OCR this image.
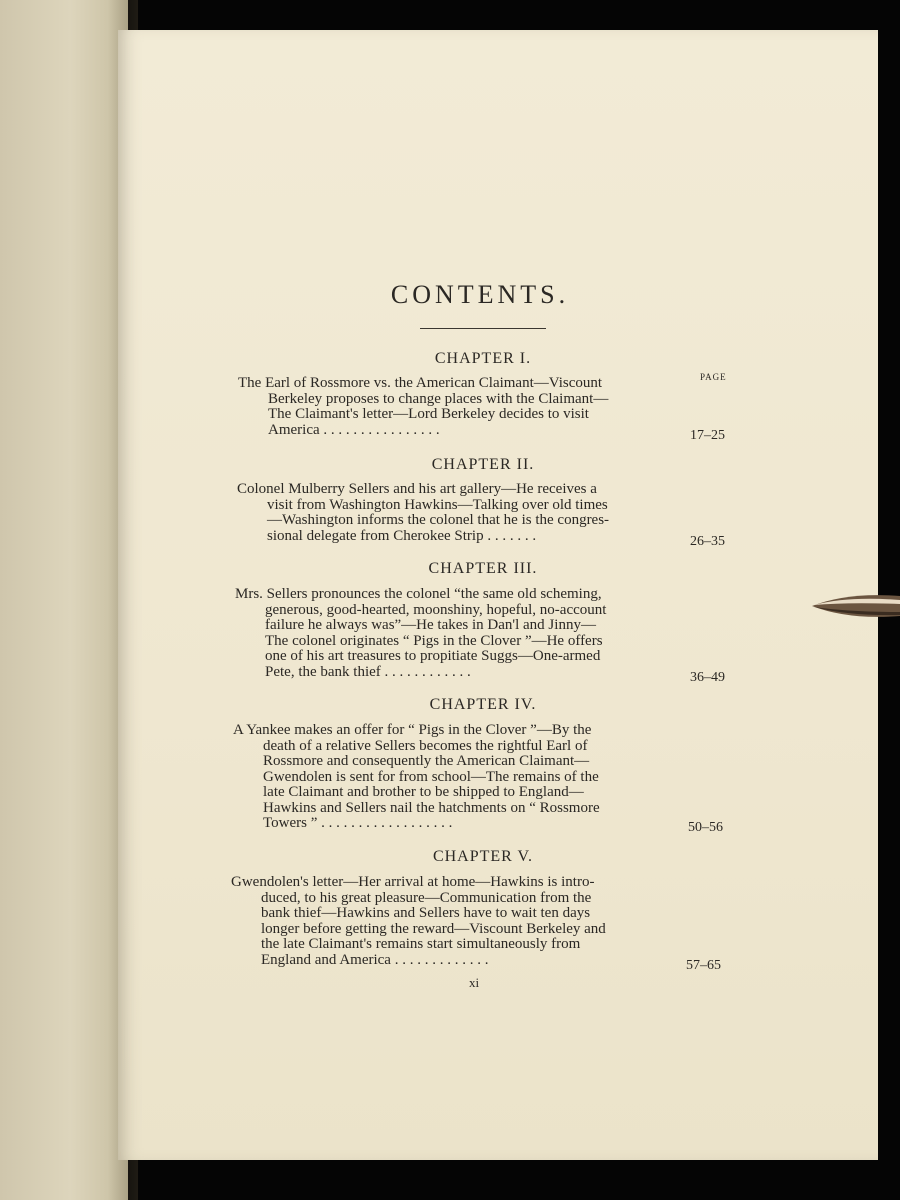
CONTENTS.
PAGE
CHAPTER I.
The Earl of Rossmore vs. the American Claimant—Viscount
Berkeley proposes to change places with the Claimant—
The Claimant's letter—Lord Berkeley decides to visit
America . . . . . . . . . . . . . . . .	17–25
CHAPTER II.
Colonel Mulberry Sellers and his art gallery—He receives a
visit from Washington Hawkins—Talking over old times
—Washington informs the colonel that he is the congres-
sional delegate from Cherokee Strip . . . . . . .	26–35
CHAPTER III.
Mrs. Sellers pronounces the colonel “the same old scheming,
generous, good-hearted, moonshiny, hopeful, no-account
failure he always was”—He takes in Dan'l and Jinny—
The colonel originates “ Pigs in the Clover ”—He offers
one of his art treasures to propitiate Suggs—One-armed
Pete, the bank thief . . . . . . . . . . . .	36–49
CHAPTER IV.
A Yankee makes an offer for “ Pigs in the Clover ”—By the
death of a relative Sellers becomes the rightful Earl of
Rossmore and consequently the American Claimant—
Gwendolen is sent for from school—The remains of the
late Claimant and brother to be shipped to England—
Hawkins and Sellers nail the hatchments on “ Rossmore
Towers ” . . . . . . . . . . . . . . . . . .	50–56
CHAPTER V.
Gwendolen's letter—Her arrival at home—Hawkins is intro-
duced, to his great pleasure—Communication from the
bank thief—Hawkins and Sellers have to wait ten days
longer before getting the reward—Viscount Berkeley and
the late Claimant's remains start simultaneously from
England and America . . . . . . . . . . . . .	57–65
xi
